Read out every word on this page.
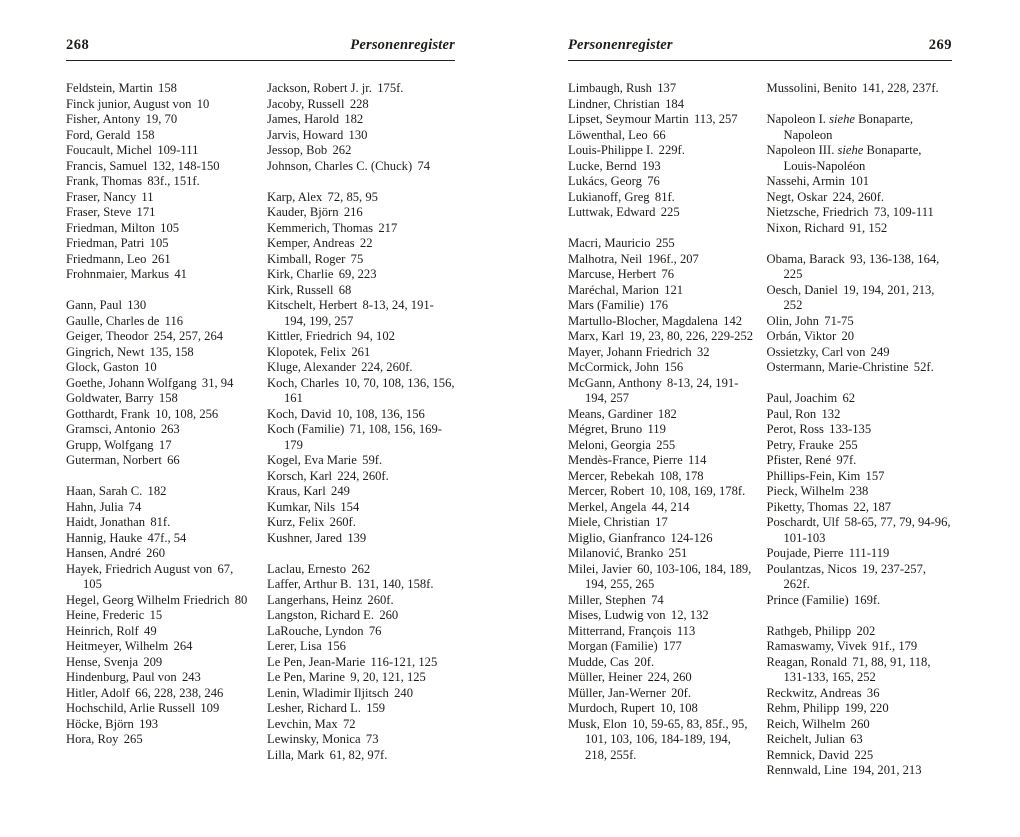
268	Personenregister
Feldstein, Martin 158
Finck junior, August von 10
Fisher, Antony 19, 70
Ford, Gerald 158
Foucault, Michel 109-111
Francis, Samuel 132, 148-150
Frank, Thomas 83f., 151f.
Fraser, Nancy 11
Fraser, Steve 171
Friedman, Milton 105
Friedman, Patri 105
Friedmann, Leo 261
Frohnmaier, Markus 41
Gann, Paul 130
Gaulle, Charles de 116
Geiger, Theodor 254, 257, 264
Gingrich, Newt 135, 158
Glock, Gaston 10
Goethe, Johann Wolfgang 31, 94
Goldwater, Barry 158
Gotthardt, Frank 10, 108, 256
Gramsci, Antonio 263
Grupp, Wolfgang 17
Guterman, Norbert 66
Haan, Sarah C. 182
Hahn, Julia 74
Haidt, Jonathan 81f.
Hannig, Hauke 47f., 54
Hansen, André 260
Hayek, Friedrich August von 67, 105
Hegel, Georg Wilhelm Friedrich 80
Heine, Frederic 15
Heinrich, Rolf 49
Heitmeyer, Wilhelm 264
Hense, Svenja 209
Hindenburg, Paul von 243
Hitler, Adolf 66, 228, 238, 246
Hochschild, Arlie Russell 109
Höcke, Björn 193
Hora, Roy 265
Jackson, Robert J. jr. 175f.
Jacoby, Russell 228
James, Harold 182
Jarvis, Howard 130
Jessop, Bob 262
Johnson, Charles C. (Chuck) 74
Karp, Alex 72, 85, 95
Kauder, Björn 216
Kemmerich, Thomas 217
Kemper, Andreas 22
Kimball, Roger 75
Kirk, Charlie 69, 223
Kirk, Russell 68
Kitschelt, Herbert 8-13, 24, 191-194, 199, 257
Kittler, Friedrich 94, 102
Klopotek, Felix 261
Kluge, Alexander 224, 260f.
Koch, Charles 10, 70, 108, 136, 156, 161
Koch, David 10, 108, 136, 156
Koch (Familie) 71, 108, 156, 169-179
Kogel, Eva Marie 59f.
Korsch, Karl 224, 260f.
Kraus, Karl 249
Kumkar, Nils 154
Kurz, Felix 260f.
Kushner, Jared 139
Laclau, Ernesto 262
Laffer, Arthur B. 131, 140, 158f.
Langerhans, Heinz 260f.
Langston, Richard E. 260
LaRouche, Lyndon 76
Lerer, Lisa 156
Le Pen, Jean-Marie 116-121, 125
Le Pen, Marine 9, 20, 121, 125
Lenin, Wladimir Iljitsch 240
Lesher, Richard L. 159
Levchin, Max 72
Lewinsky, Monica 73
Lilla, Mark 61, 82, 97f.
Personenregister	269
Limbaugh, Rush 137
Lindner, Christian 184
Lipset, Seymour Martin 113, 257
Löwenthal, Leo 66
Louis-Philippe I. 229f.
Lucke, Bernd 193
Lukács, Georg 76
Lukianoff, Greg 81f.
Luttwak, Edward 225
Macri, Mauricio 255
Malhotra, Neil 196f., 207
Marcuse, Herbert 76
Maréchal, Marion 121
Mars (Familie) 176
Martullo-Blocher, Magdalena 142
Marx, Karl 19, 23, 80, 226, 229-252
Mayer, Johann Friedrich 32
McCormick, John 156
McGann, Anthony 8-13, 24, 191-194, 257
Means, Gardiner 182
Mégret, Bruno 119
Meloni, Georgia 255
Mendès-France, Pierre 114
Mercer, Rebekah 108, 178
Mercer, Robert 10, 108, 169, 178f.
Merkel, Angela 44, 214
Miele, Christian 17
Miglio, Gianfranco 124-126
Milanović, Branko 251
Milei, Javier 60, 103-106, 184, 189, 194, 255, 265
Miller, Stephen 74
Mises, Ludwig von 12, 132
Mitterrand, François 113
Morgan (Familie) 177
Mudde, Cas 20f.
Müller, Heiner 224, 260
Müller, Jan-Werner 20f.
Murdoch, Rupert 10, 108
Musk, Elon 10, 59-65, 83, 85f., 95, 101, 103, 106, 184-189, 194, 218, 255f.
Mussolini, Benito 141, 228, 237f.
Napoleon I. siehe Bonaparte, Napoleon
Napoleon III. siehe Bonaparte, Louis-Napoléon
Nassehi, Armin 101
Negt, Oskar 224, 260f.
Nietzsche, Friedrich 73, 109-111
Nixon, Richard 91, 152
Obama, Barack 93, 136-138, 164, 225
Oesch, Daniel 19, 194, 201, 213, 252
Olin, John 71-75
Orbán, Viktor 20
Ossietzky, Carl von 249
Ostermann, Marie-Christine 52f.
Paul, Joachim 62
Paul, Ron 132
Perot, Ross 133-135
Petry, Frauke 255
Pfister, René 97f.
Phillips-Fein, Kim 157
Pieck, Wilhelm 238
Piketty, Thomas 22, 187
Poschardt, Ulf 58-65, 77, 79, 94-96, 101-103
Poujade, Pierre 111-119
Poulantzas, Nicos 19, 237-257, 262f.
Prince (Familie) 169f.
Rathgeb, Philipp 202
Ramaswamy, Vivek 91f., 179
Reagan, Ronald 71, 88, 91, 118, 131-133, 165, 252
Reckwitz, Andreas 36
Rehm, Philipp 199, 220
Reich, Wilhelm 260
Reichelt, Julian 63
Remnick, David 225
Rennwald, Line 194, 201, 213
